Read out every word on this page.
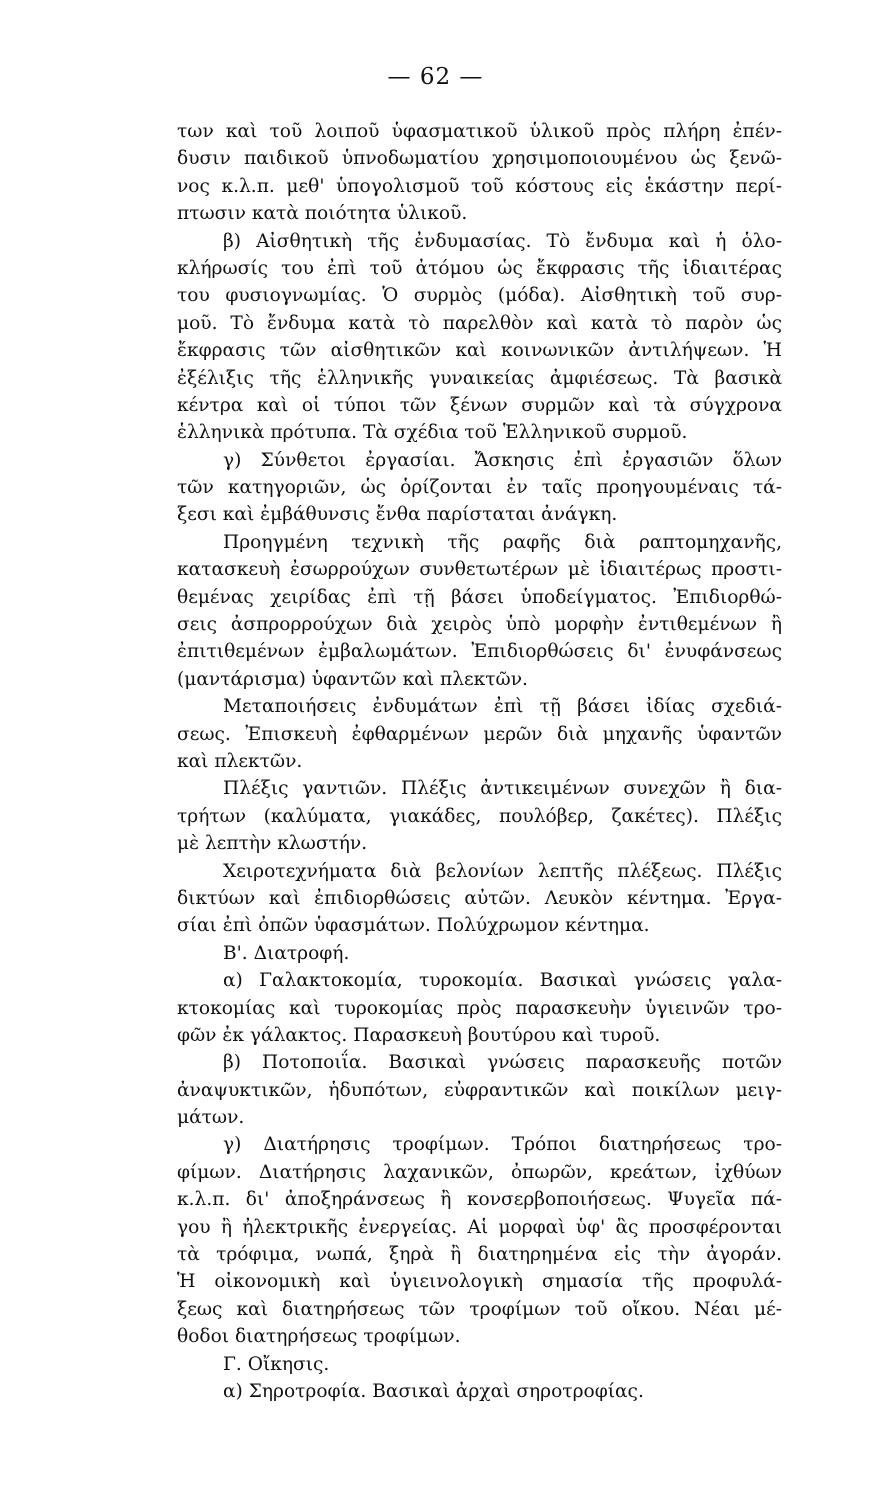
— 62 —
των καὶ τοῦ λοιποῦ ὑφασματικοῦ ὑλικοῦ πρὸς πλήρη ἐπέν-
δυσιν παιδικοῦ ὑπνοδωματίου χρησιμοποιουμένου ὡς ξενῶ-
νος κ.λ.π. μεθ' ὑπογολισμοῦ τοῦ κόστους εἰς ἑκάστην περί-
πτωσιν κατὰ ποιότητα ὑλικοῦ.
β) Αἰσθητικὴ τῆς ἐνδυμασίας. Τὸ ἔνδυμα καὶ ἡ ὁλο-
κλήρωσίς του ἐπὶ τοῦ ἀτόμου ὡς ἔκφρασις τῆς ἰδιαιτέρας
του φυσιογνωμίας. Ὁ συρμὸς (μόδα). Αἰσθητικὴ τοῦ συρ-
μοῦ. Τὸ ἔνδυμα κατὰ τὸ παρελθὸν καὶ κατὰ τὸ παρὸν ὡς
ἔκφρασις τῶν αἰσθητικῶν καὶ κοινωνικῶν ἀντιλήψεων. Ἡ
ἐξέλιξις τῆς ἑλληνικῆς γυναικείας ἀμφιέσεως. Τὰ βασικὰ
κέντρα καὶ οἱ τύποι τῶν ξένων συρμῶν καὶ τὰ σύγχρονα
ἑλληνικὰ πρότυπα. Τὰ σχέδια τοῦ Ἑλληνικοῦ συρμοῦ.
γ) Σύνθετοι ἐργασίαι. Ἄσκησις ἐπὶ ἐργασιῶν ὅλων
τῶν κατηγοριῶν, ὡς ὁρίζονται ἐν ταῖς προηγουμέναις τά-
ξεσι καὶ ἐμβάθυνσις ἔνθα παρίσταται ἀνάγκη.
Προηγμένη τεχνικὴ τῆς ραφῆς διὰ ραπτομηχανῆς,
κατασκευὴ ἐσωρρούχων συνθετωτέρων μὲ ἰδιαιτέρως προστι-
θεμένας χειρίδας ἐπὶ τῇ βάσει ὑποδείγματος. Ἐπιδιορθώ-
σεις ἀσπρορρούχων διὰ χειρὸς ὑπὸ μορφὴν ἐντιθεμένων ἢ
ἐπιτιθεμένων ἐμβαλωμάτων. Ἐπιδιορθώσεις δι' ἐνυφάνσεως
(μαντάρισμα) ὑφαντῶν καὶ πλεκτῶν.
Μεταποιήσεις ἐνδυμάτων ἐπὶ τῇ βάσει ἰδίας σχεδιά-
σεως. Ἐπισκευὴ ἐφθαρμένων μερῶν διὰ μηχανῆς ὑφαντῶν
καὶ πλεκτῶν.
Πλέξις γαντιῶν. Πλέξις ἀντικειμένων συνεχῶν ἢ δια-
τρήτων (καλύματα, γιακάδες, πουλόβερ, ζακέτες). Πλέξις
μὲ λεπτὴν κλωστήν.
Χειροτεχνήματα διὰ βελονίων λεπτῆς πλέξεως. Πλέξις
δικτύων καὶ ἐπιδιορθώσεις αὐτῶν. Λευκὸν κέντημα. Ἐργα-
σίαι ἐπὶ ὀπῶν ὑφασμάτων. Πολύχρωμον κέντημα.
Β'. Διατροφή.
α) Γαλακτοκομία, τυροκομία. Βασικαὶ γνώσεις γαλα-
κτοκομίας καὶ τυροκομίας πρὸς παρασκευὴν ὑγιεινῶν τρο-
φῶν ἐκ γάλακτος. Παρασκευὴ βουτύρου καὶ τυροῦ.
β) Ποτοποιΐα. Βασικαὶ γνώσεις παρασκευῆς ποτῶν
ἀναψυκτικῶν, ἡδυπότων, εὐφραντικῶν καὶ ποικίλων μειγ-
μάτων.
γ) Διατήρησις τροφίμων. Τρόποι διατηρήσεως τρο-
φίμων. Διατήρησις λαχανικῶν, ὀπωρῶν, κρεάτων, ἰχθύων
κ.λ.π. δι' ἀποξηράνσεως ἢ κονσερβοποιήσεως. Ψυγεῖα πά-
γου ἢ ἠλεκτρικῆς ἐνεργείας. Αἱ μορφαὶ ὑφ' ἃς προσφέρονται
τὰ τρόφιμα, νωπά, ξηρὰ ἢ διατηρημένα εἰς τὴν ἀγοράν.
Ἡ οἰκονομικὴ καὶ ὑγιεινολογικὴ σημασία τῆς προφυλά-
ξεως καὶ διατηρήσεως τῶν τροφίμων τοῦ οἴκου. Νέαι μέ-
θοδοι διατηρήσεως τροφίμων.
Γ. Οἴκησις.
α) Σηροτροφία. Βασικαὶ ἀρχαὶ σηροτροφίας.
